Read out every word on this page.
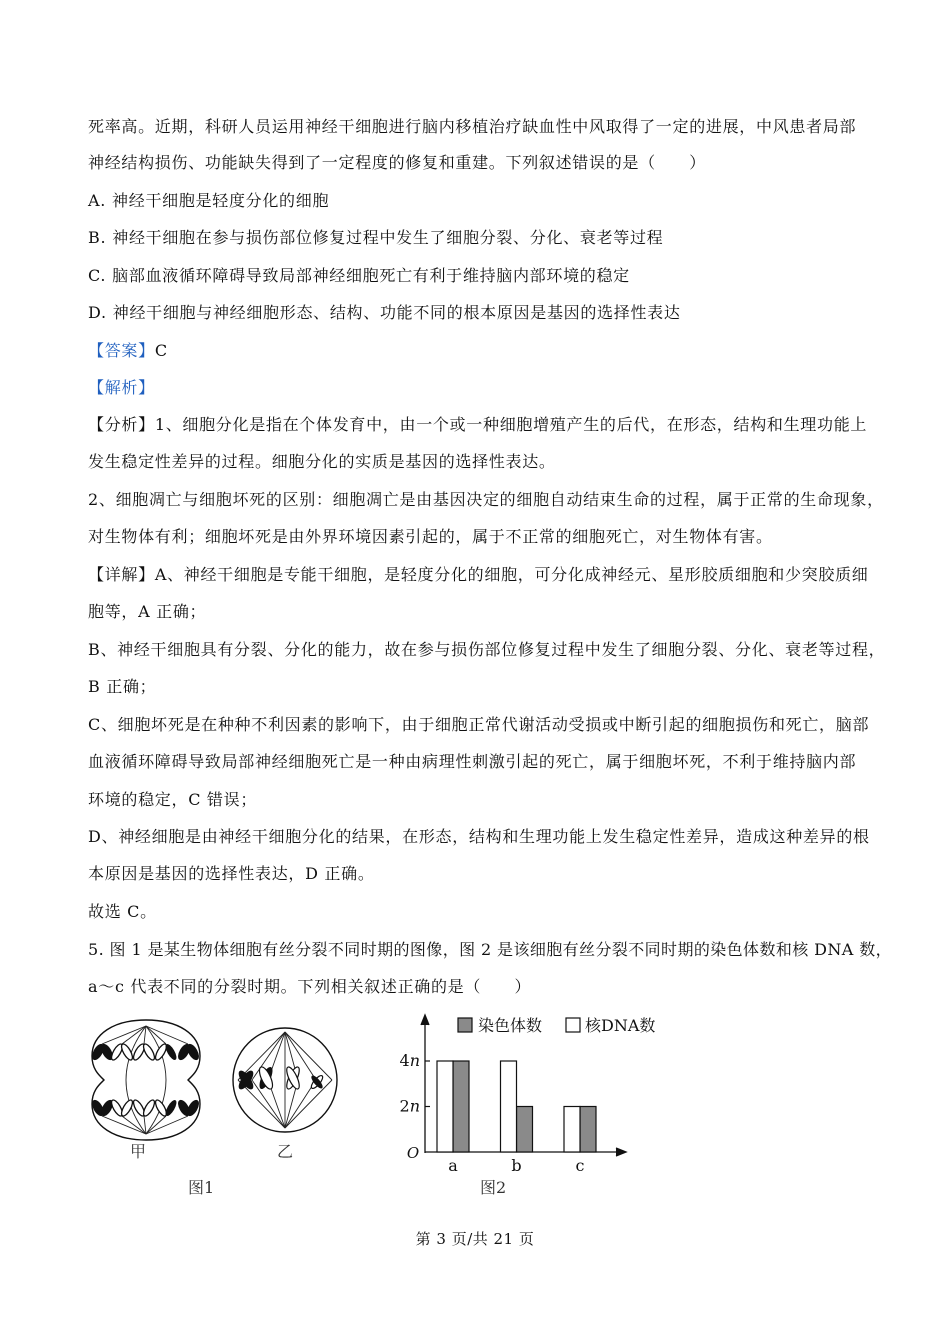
死率高。近期，科研人员运用神经干细胞进行脑内移植治疗缺血性中风取得了一定的进展，中风患者局部
神经结构损伤、功能缺失得到了一定程度的修复和重建。下列叙述错误的是（　　）
A. 神经干细胞是轻度分化的细胞
B. 神经干细胞在参与损伤部位修复过程中发生了细胞分裂、分化、衰老等过程
C. 脑部血液循环障碍导致局部神经细胞死亡有利于维持脑内部环境的稳定
D. 神经干细胞与神经细胞形态、结构、功能不同的根本原因是基因的选择性表达
【答案】C
【解析】
【分析】1、细胞分化是指在个体发育中，由一个或一种细胞增殖产生的后代，在形态，结构和生理功能上
发生稳定性差异的过程。细胞分化的实质是基因的选择性表达。
2、细胞凋亡与细胞坏死的区别：细胞凋亡是由基因决定的细胞自动结束生命的过程，属于正常的生命现象，
对生物体有利；细胞坏死是由外界环境因素引起的，属于不正常的细胞死亡，对生物体有害。
【详解】A、神经干细胞是专能干细胞，是轻度分化的细胞，可分化成神经元、星形胶质细胞和少突胶质细
胞等，A 正确；
B、神经干细胞具有分裂、分化的能力，故在参与损伤部位修复过程中发生了细胞分裂、分化、衰老等过程，
B 正确；
C、细胞坏死是在种种不利因素的影响下，由于细胞正常代谢活动受损或中断引起的细胞损伤和死亡，脑部
血液循环障碍导致局部神经细胞死亡是一种由病理性刺激引起的死亡，属于细胞坏死，不利于维持脑内部
环境的稳定，C 错误；
D、神经细胞是由神经干细胞分化的结果，在形态，结构和生理功能上发生稳定性差异，造成这种差异的根
本原因是基因的选择性表达，D 正确。
故选 C。
5. 图 1 是某生物体细胞有丝分裂不同时期的图像，图 2 是该细胞有丝分裂不同时期的染色体数和核 DNA 数，
a～c 代表不同的分裂时期。下列相关叙述正确的是（　　）
甲	乙
图1
染色体数	核DNA数
O
4n
2n
a	b	c
图2
第 3 页/共 21 页
